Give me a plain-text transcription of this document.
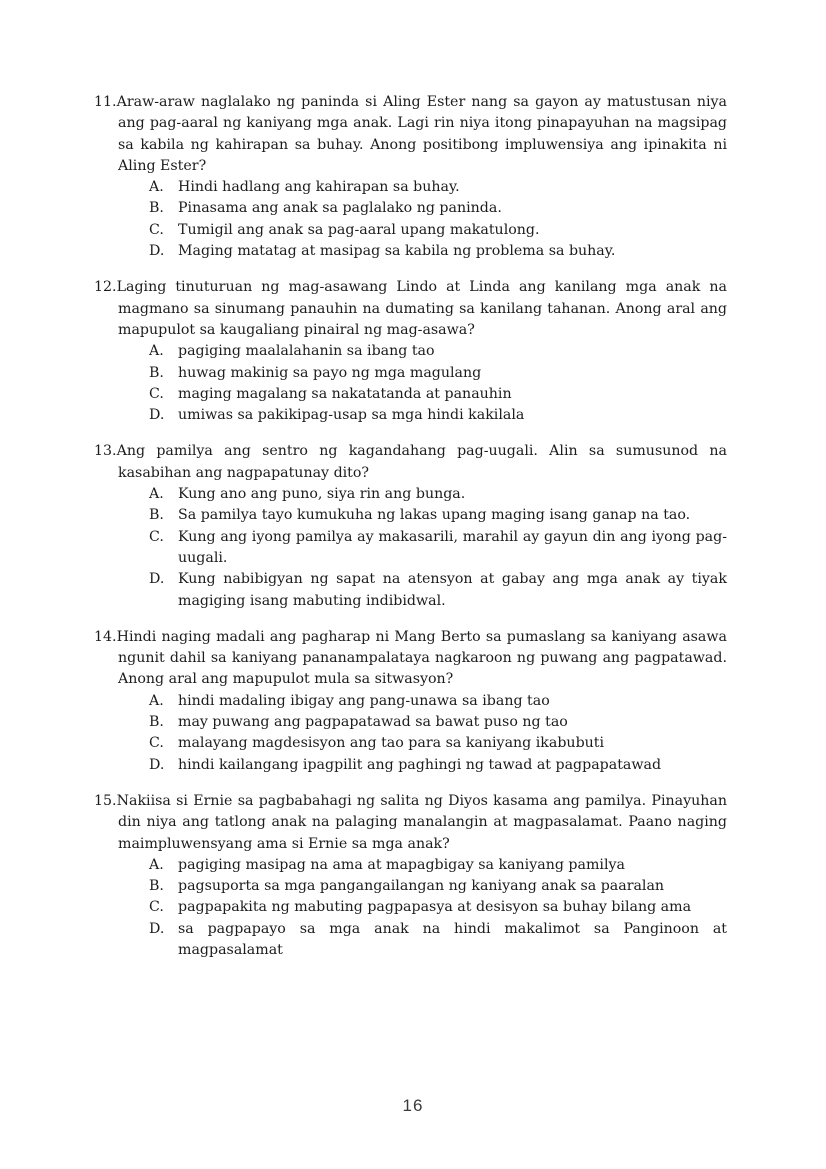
11.Araw-araw naglalako ng paninda si Aling Ester nang sa gayon ay matustusan niya ang pag-aaral ng kaniyang mga anak. Lagi rin niya itong pinapayuhan na magsipag sa kabila ng kahirapan sa buhay. Anong positibong impluwensiya ang ipinakita ni Aling Ester?
A.	Hindi hadlang ang kahirapan sa buhay.
B. Pinasama ang anak sa paglalako ng paninda.
C. Tumigil ang anak sa pag-aaral upang makatulong.
D. Maging matatag at masipag sa kabila ng problema sa buhay.
12.Laging tinuturuan ng mag-asawang Lindo at Linda ang kanilang mga anak na magmano sa sinumang panauhin na dumating sa kanilang tahanan. Anong aral ang mapupulot sa kaugaliang pinairal ng mag-asawa?
A.	pagiging maalalahanin sa ibang tao
B. huwag makinig sa payo ng mga magulang
C. maging magalang sa nakatatanda at panauhin
D. umiwas sa pakikipag-usap sa mga hindi kakilala
13.Ang pamilya ang sentro ng kagandahang pag-uugali. Alin sa sumusunod na kasabihan ang nagpapatunay dito?
A.	Kung ano ang puno, siya rin ang bunga.
B. Sa pamilya tayo kumukuha ng lakas upang maging isang ganap na tao.
C. Kung ang iyong pamilya ay makasarili, marahil ay gayun din ang iyong pag-uugali.
D. Kung nabibigyan ng sapat na atensyon at gabay ang mga anak ay tiyak magiging isang mabuting indibidwal.
14.Hindi naging madali ang pagharap ni Mang Berto sa pumaslang sa kaniyang asawa ngunit dahil sa kaniyang pananampalataya nagkaroon ng puwang ang pagpatawad. Anong aral ang mapupulot mula sa sitwasyon?
A.	hindi madaling ibigay ang pang-unawa sa ibang tao
B. may puwang ang pagpapatawad sa bawat puso ng tao
C. malayang magdesisyon ang tao para sa kaniyang ikabubuti
D. hindi kailangang ipagpilit ang paghingi ng tawad at pagpapatawad
15.Nakiisa si Ernie sa pagbabahagi ng salita ng Diyos kasama ang pamilya. Pinayuhan din niya ang tatlong anak na palaging manalangin at magpasalamat. Paano naging maimpluwensyang ama si Ernie sa mga anak?
A.	pagiging masipag na ama at mapagbigay sa kaniyang pamilya
B. pagsuporta sa mga pangangailangan ng kaniyang anak sa paaralan
C. pagpapakita ng mabuting pagpapasya at desisyon sa buhay bilang ama
D. sa pagpapayo sa mga anak na hindi makalimot sa Panginoon at magpasalamat
16
